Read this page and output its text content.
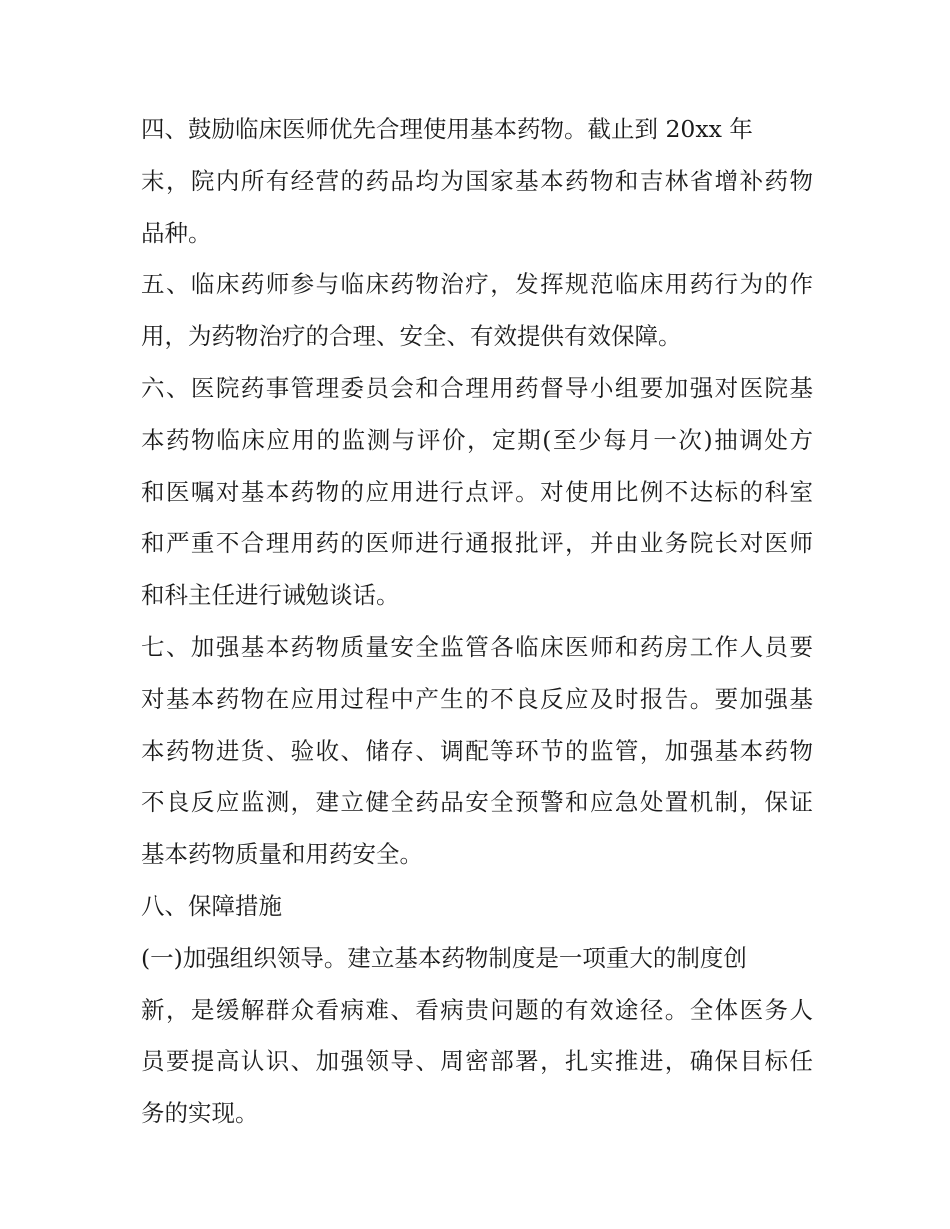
四、鼓励临床医师优先合理使用基本药物。截止到 20xx 年
末，院内所有经营的药品均为国家基本药物和吉林省增补药物
品种。
五、临床药师参与临床药物治疗，发挥规范临床用药行为的作
用，为药物治疗的合理、安全、有效提供有效保障。
六、医院药事管理委员会和合理用药督导小组要加强对医院基
本药物临床应用的监测与评价，定期(至少每月一次)抽调处方
和医嘱对基本药物的应用进行点评。对使用比例不达标的科室
和严重不合理用药的医师进行通报批评，并由业务院长对医师
和科主任进行诫勉谈话。
七、加强基本药物质量安全监管各临床医师和药房工作人员要
对基本药物在应用过程中产生的不良反应及时报告。要加强基
本药物进货、验收、储存、调配等环节的监管，加强基本药物
不良反应监测，建立健全药品安全预警和应急处置机制，保证
基本药物质量和用药安全。
八、保障措施
(一)加强组织领导。建立基本药物制度是一项重大的制度创
新，是缓解群众看病难、看病贵问题的有效途径。全体医务人
员要提高认识、加强领导、周密部署，扎实推进，确保目标任
务的实现。
